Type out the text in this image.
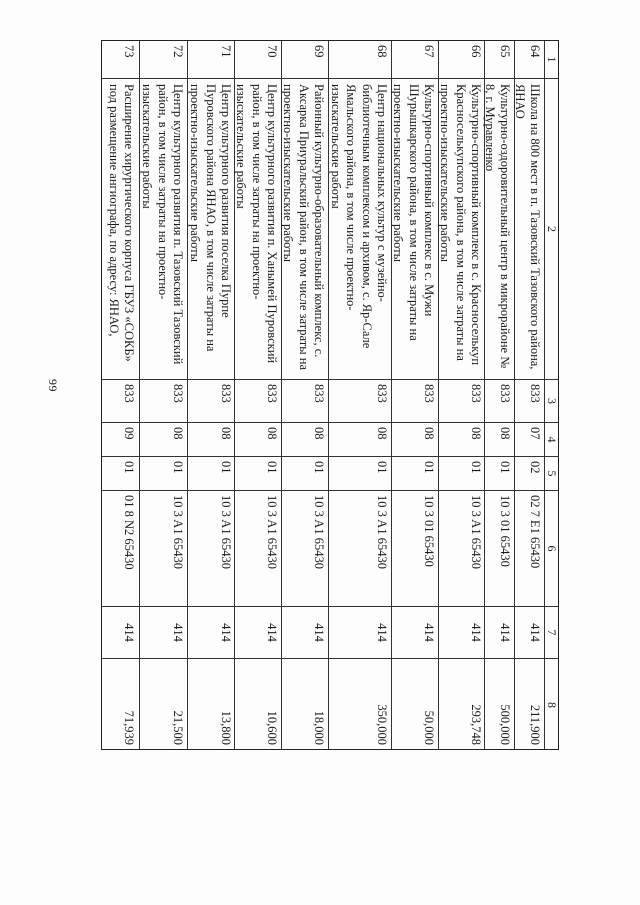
99
1
2
3
4
5
6
7
8
64
Школа на 800 мест в п. Тазовский Тазовского района, ЯНАО
833
07
02
02 7 E1 65430
414
211,900
65
Культурно-оздоровительный центр в микрорайоне № 8, г. Муравленко
833
08
01
10 3 01 65430
414
500,000
66
Культурно-спортивный комплекс в с. Красноселькуп Красноселькупского района, в том числе затраты на проектно-изыскательские работы
833
08
01
10 3 A1 65430
414
293,748
67
Культурно-спортивный комплекс в с. Мужи Шурышкарского района, в том числе затраты на проектно-изыскательские работы
833
08
01
10 3 01 65430
414
50,000
68
Центр национальных культур с музейно-библиотечным комплексом и архивом, с. Яр-Сале Ямальского района, в том числе проектно-изыскательские работы
833
08
01
10 3 A1 65430
414
350,000
69
Районный культурно-образовательный комплекс, с. Аксарка Приуральский район, в том числе затраты на проектно-изыскательские работы
833
08
01
10 3 A1 65430
414
18,000
70
Центр культурного развития п. Ханымей Пуровский район, в том числе затраты на проектно-изыскательские работы
833
08
01
10 3 A1 65430
414
10,600
71
Центр культурного развития поселка Пурпе Пуровского района ЯНАО, в том числе затраты на проектно-изыскательские работы
833
08
01
10 3 A1 65430
414
13,800
72
Центр культурного развития п. Тазовский Тазовский район, в том числе затраты на проектно-изыскательские работы
833
08
01
10 3 A1 65430
414
21,500
73
Расширение хирургического корпуса ГБУЗ «СОКБ» под размещение ангиографа, по адресу: ЯНАО,
833
09
01
01 8 N2 65430
414
71,939
